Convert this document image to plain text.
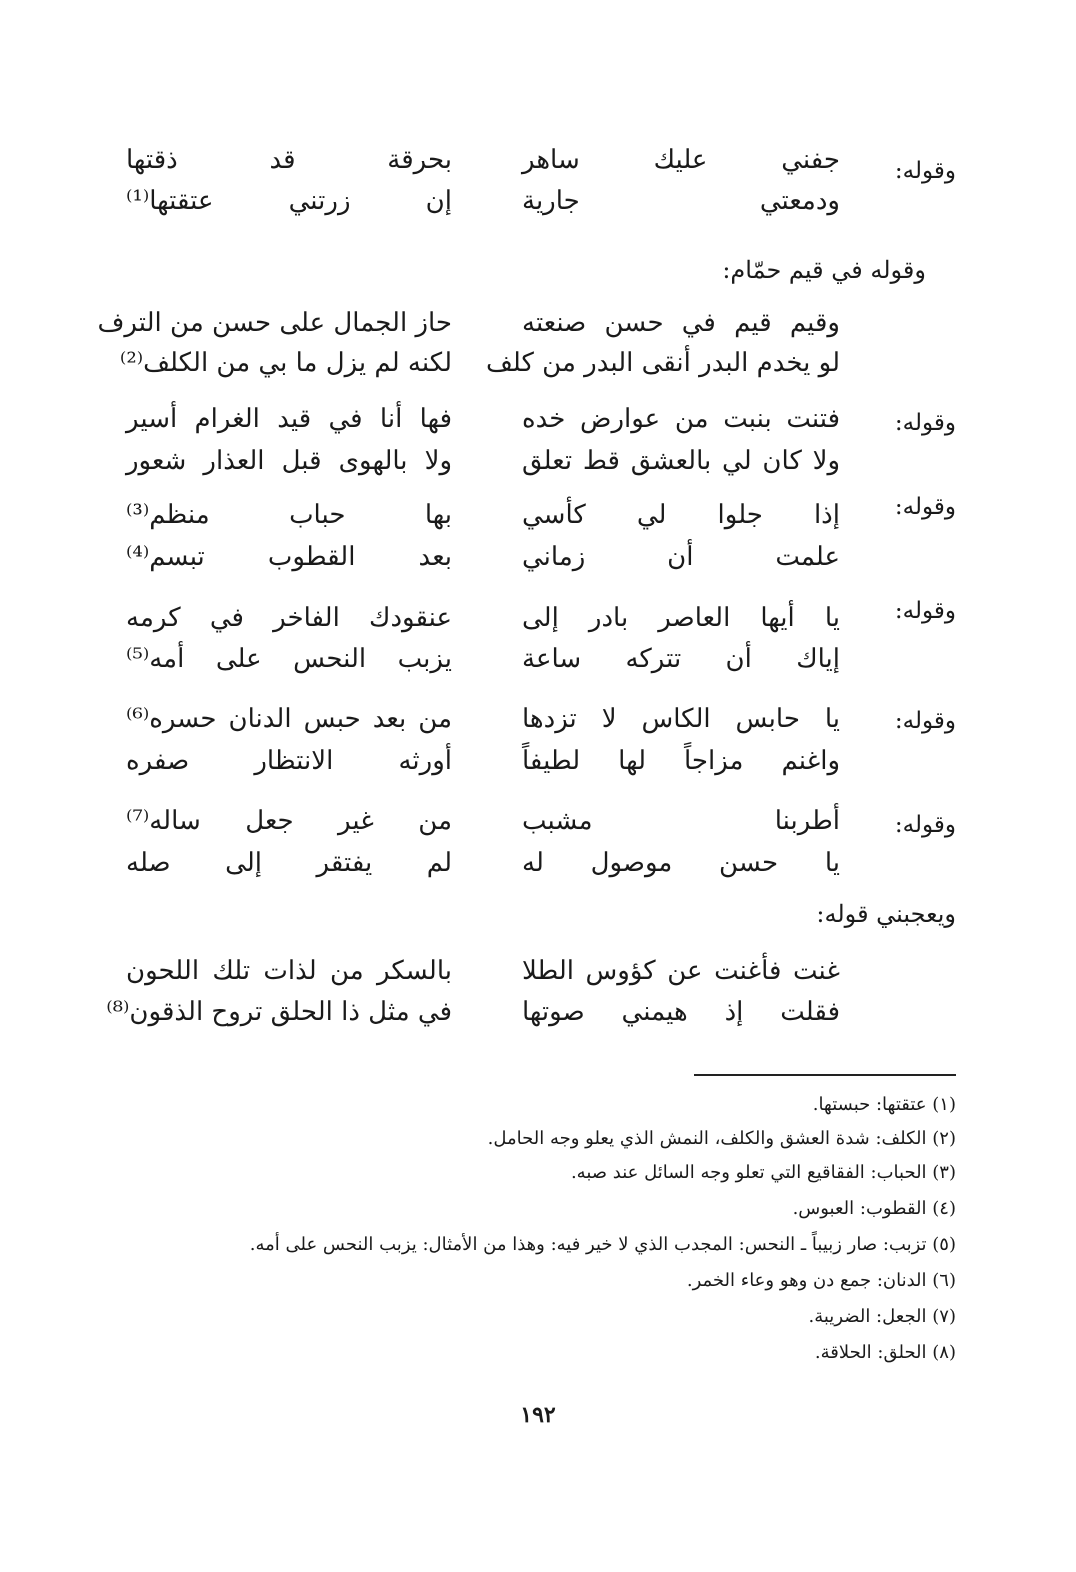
وقوله:
جفني عليك ساهر
بحرقة قد ذقتها
ودمعتي جارية
إن زرتني عتقتها⁽¹⁾
وقوله في قيم حمّام:
وقيم قيم في حسن صنعته
حاز الجمال على حسن من الترف
لو يخدم البدر أنقى البدر من كلف
لكنه لم يزل ما بي من الكلف⁽²⁾
وقوله:
فتنت بنبت من عوارض خده
فها أنا في قيد الغرام أسير
ولا كان لي بالعشق قط تعلق
ولا بالهوى قبل العذار شعور
وقوله:
إذا جلوا لي كأسي
بها حباب منظم⁽³⁾
علمت أن زماني
بعد القطوب تبسم⁽⁴⁾
وقوله:
يا أيها العاصر بادر إلى
عنقودك الفاخر في كرمه
إياك أن تتركه ساعة
يزبب النحس على أمه⁽⁵⁾
وقوله:
يا حابس الكاس لا تزدها
من بعد حبس الدنان حسره⁽⁶⁾
واغنم مزاجاً لها لطيفاً
أورثه الانتظار صفره
وقوله:
أطربنا مشبب
من غير جعل ساله⁽⁷⁾
يا حسن موصول له
لم يفتقر إلى صله
ويعجبني قوله:
غنت فأغنت عن كؤوس الطلا
بالسكر من لذات تلك اللحون
فقلت إذ هيمني صوتها
في مثل ذا الحلق تروح الذقون⁽⁸⁾
(١) عتقتها: حبستها.
(٢) الكلف: شدة العشق والكلف، النمش الذي يعلو وجه الحامل.
(٣) الحباب: الفقاقيع التي تعلو وجه السائل عند صبه.
(٤) القطوب: العبوس.
(٥) تزبب: صار زبيباً ـ النحس: المجدب الذي لا خير فيه: وهذا من الأمثال: يزبب النحس على أمه.
(٦) الدنان: جمع دن وهو وعاء الخمر.
(٧) الجعل: الضريبة.
(٨) الحلق: الحلاقة.
١٩٢
